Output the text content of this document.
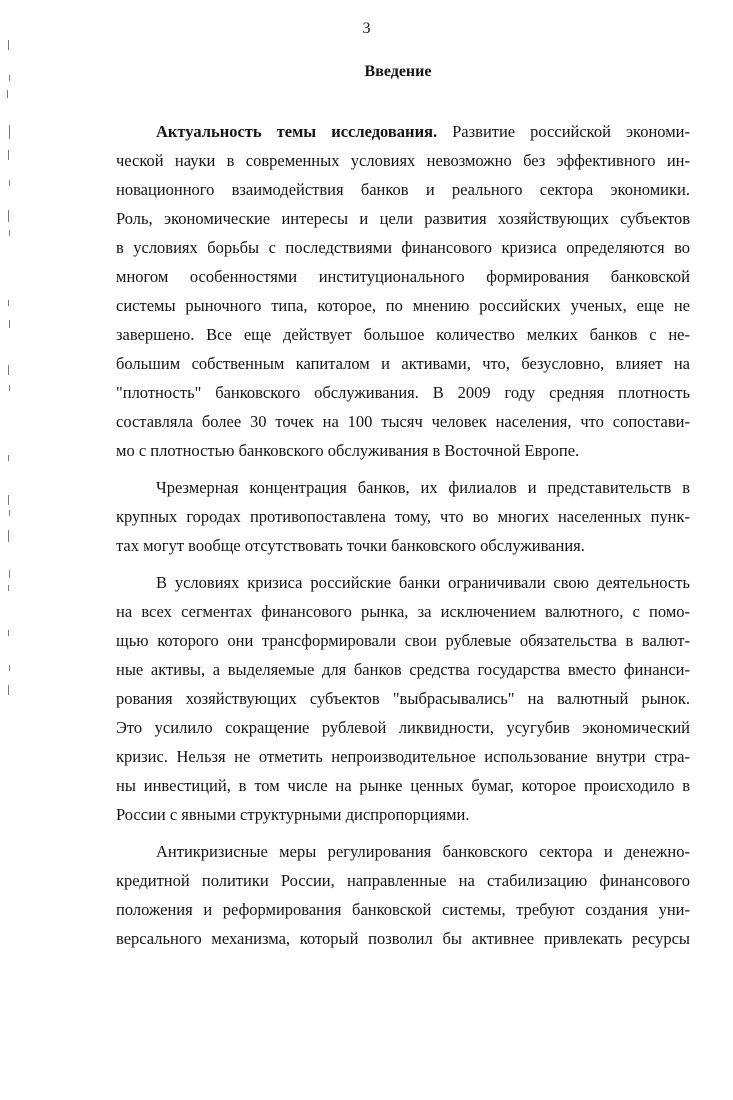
3
Введение
Актуальность темы исследования. Развитие российской экономи-
ческой науки в современных условиях невозможно без эффективного ин-
новационного взаимодействия банков и реального сектора экономики.
Роль, экономические интересы и цели развития хозяйствующих субъектов
в условиях борьбы с последствиями финансового кризиса определяются во
многом особенностями институционального формирования банковской
системы рыночного типа, которое, по мнению российских ученых, еще не
завершено. Все еще действует большое количество мелких банков с не-
большим собственным капиталом и активами, что, безусловно, влияет на
"плотность" банковского обслуживания. В 2009 году средняя плотность
составляла более 30 точек на 100 тысяч человек населения, что сопостави-
мо с плотностью банковского обслуживания в Восточной Европе.
Чрезмерная концентрация банков, их филиалов и представительств в
крупных городах противопоставлена тому, что во многих населенных пунк-
тах могут вообще отсутствовать точки банковского обслуживания.
В условиях кризиса российские банки ограничивали свою деятельность
на всех сегментах финансового рынка, за исключением валютного, с помо-
щью которого они трансформировали свои рублевые обязательства в валют-
ные активы, а выделяемые для банков средства государства вместо финанси-
рования хозяйствующих субъектов "выбрасывались" на валютный рынок.
Это усилило сокращение рублевой ликвидности, усугубив экономический
кризис. Нельзя не отметить непроизводительное использование внутри стра-
ны инвестиций, в том числе на рынке ценных бумаг, которое происходило в
России с явными структурными диспропорциями.
Антикризисные меры регулирования банковского сектора и денежно-
кредитной политики России, направленные на стабилизацию финансового
положения и реформирования банковской системы, требуют создания уни-
версального механизма, который позволил бы активнее привлекать ресурсы
